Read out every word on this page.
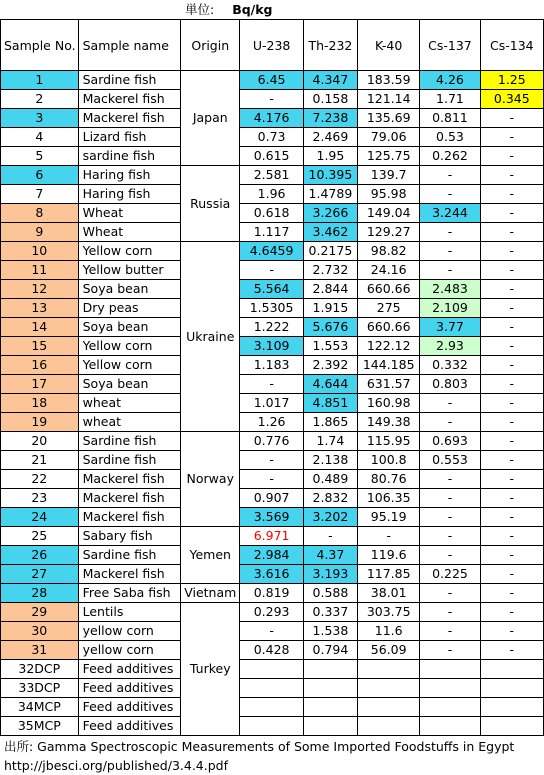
単位: Bq/kg
Sample No.	Sample name	Origin	U-238	Th-232	K-40	Cs-137	Cs-134
1	Sardine fish	Japan	6.45	4.347	183.59	4.26	1.25
2	Mackerel fish		-	0.158	121.14	1.71	0.345
3	Mackerel fish		4.176	7.238	135.69	0.811	-
4	Lizard fish		0.73	2.469	79.06	0.53	-
5	sardine fish		0.615	1.95	125.75	0.262	-
6	Haring fish	Russia	2.581	10.395	139.7	-	-
7	Haring fish		1.96	1.4789	95.98	-	-
8	Wheat		0.618	3.266	149.04	3.244	-
9	Wheat		1.117	3.462	129.27	-	-
10	Yellow corn	Ukraine	4.6459	0.2175	98.82	-	-
11	Yellow butter		-	2.732	24.16	-	-
12	Soya bean		5.564	2.844	660.66	2.483	-
13	Dry peas		1.5305	1.915	275	2.109	-
14	Soya bean		1.222	5.676	660.66	3.77	-
15	Yellow corn		3.109	1.553	122.12	2.93	-
16	Yellow corn		1.183	2.392	144.185	0.332	-
17	Soya bean		-	4.644	631.57	0.803	-
18	wheat		1.017	4.851	160.98	-	-
19	wheat		1.26	1.865	149.38	-	-
20	Sardine fish	Norway	0.776	1.74	115.95	0.693	-
21	Sardine fish		-	2.138	100.8	0.553	-
22	Mackerel fish		-	0.489	80.76	-	-
23	Mackerel fish		0.907	2.832	106.35	-	-
24	Mackerel fish		3.569	3.202	95.19	-	-
25	Sabary fish	Yemen	6.971	-	-	-	-
26	Sardine fish		2.984	4.37	119.6	-	-
27	Mackerel fish		3.616	3.193	117.85	0.225	-
28	Free Saba fish	Vietnam	0.819	0.588	38.01	-	-
29	Lentils	Turkey	0.293	0.337	303.75	-	-
30	yellow corn		-	1.538	11.6	-	-
31	yellow corn		0.428	0.794	56.09	-	-
32DCP	Feed additives						
33DCP	Feed additives						
34MCP	Feed additives						
35MCP	Feed additives						
出所: Gamma Spectroscopic Measurements of Some Imported Foodstuffs in Egypt
http://jbesci.org/published/3.4.4.pdf
